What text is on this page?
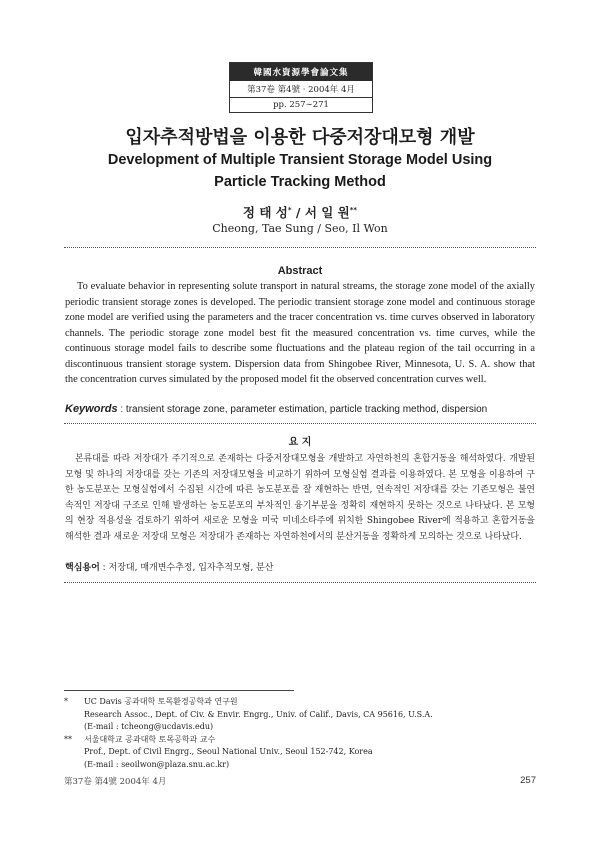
韓國水資源學會論文集
第37卷 第4號 · 2004年 4月
pp. 257∼271
입자추적방법을 이용한 다중저장대모형 개발
Development of Multiple Transient Storage Model Using
Particle Tracking Method
정 태 성* / 서 일 원**
Cheong, Tae Sung / Seo, Il Won
Abstract

To evaluate behavior in representing solute transport in natural streams, the storage zone model of the axially periodic transient storage zones is developed. The periodic transient storage zone model and continuous storage zone model are verified using the parameters and the tracer concentration vs. time curves observed in laboratory channels. The periodic storage zone model best fit the measured concentration vs. time curves, while the continuous storage model fails to describe some fluctuations and the plateau region of the tail occurring in a discontinuous transient storage system. Dispersion data from Shingobee River, Minnesota, U. S. A. show that the concentration curves simulated by the proposed model fit the observed concentration curves well.

Keywords : transient storage zone, parameter estimation, particle tracking method, dispersion
요 지

본류대를 따라 저장대가 주기적으로 존재하는 다중저장대모형을 개발하고 자연하천의 혼합거동을 해석하였다. 개발된 모형 및 하나의 저장대를 갖는 기존의 저장대모형을 비교하기 위하여 모형실험 결과를 이용하였다. 본 모형을 이용하여 구한 농도분포는 모형실험에서 수집된 시간에 따른 농도분포를 잘 재현하는 반면, 연속적인 저장대를 갖는 기존모형은 불연속적인 저장대 구조로 인해 발생하는 농도분포의 부차적인 융기부분을 정확히 재현하지 못하는 것으로 나타났다. 본 모형의 현장 적용성을 검토하기 위하여 새로운 모형을 미국 미네소타주에 위치한 Shingobee River에 적용하고 혼합거동을 해석한 결과 새로운 저장대 모형은 저장대가 존재하는 자연하천에서의 분산거동을 정확하게 모의하는 것으로 나타났다.

핵심용어 : 저장대, 매개변수추정, 입자추적모형, 분산
* UC Davis 공과대학 토목환경공학과 연구원
Research Assoc., Dept. of Civ. & Envir. Engrg., Univ. of Calif., Davis, CA 95616, U.S.A.
(E-mail : tcheong@ucdavis.edu)
** 서울대학교 공과대학 토목공학과 교수
Prof., Dept. of Civil Engrg., Seoul National Univ., Seoul 152-742, Korea
(E-mail : seoilwon@plaza.snu.ac.kr)
第37卷 第4號 2004年 4月	257
